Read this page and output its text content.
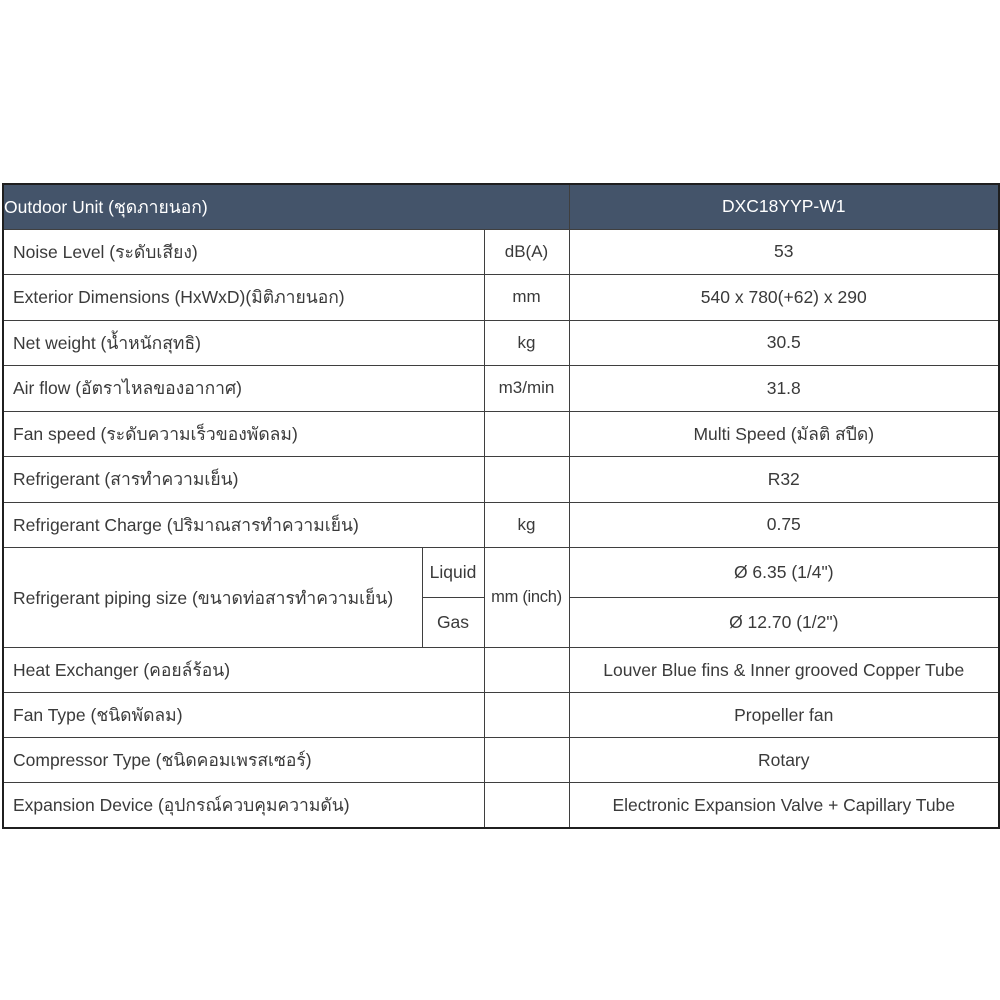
Outdoor Unit (ชุดภายนอก)			DXC18YYP-W1
Noise Level (ระดับเสียง)		dB(A)	53
Exterior Dimensions (HxWxD)(มิติภายนอก)		mm	540 x 780(+62) x 290
Net weight (น้ำหนักสุทธิ)		kg	30.5
Air flow (อัตราไหลของอากาศ)		m3/min	31.8
Fan speed (ระดับความเร็วของพัดลม)			Multi Speed (มัลติ สปีด)
Refrigerant (สารทำความเย็น)			R32
Refrigerant Charge (ปริมาณสารทำความเย็น)		kg	0.75
Refrigerant piping size (ขนาดท่อสารทำความเย็น)	Liquid	mm (inch)	Ø 6.35 (1/4")
	Gas		Ø 12.70 (1/2")
Heat Exchanger (คอยล์ร้อน)			Louver Blue fins & Inner grooved Copper Tube
Fan Type (ชนิดพัดลม)			Propeller fan
Compressor Type (ชนิดคอมเพรสเซอร์)			Rotary
Expansion Device (อุปกรณ์ควบคุมความดัน)			Electronic Expansion Valve + Capillary Tube
